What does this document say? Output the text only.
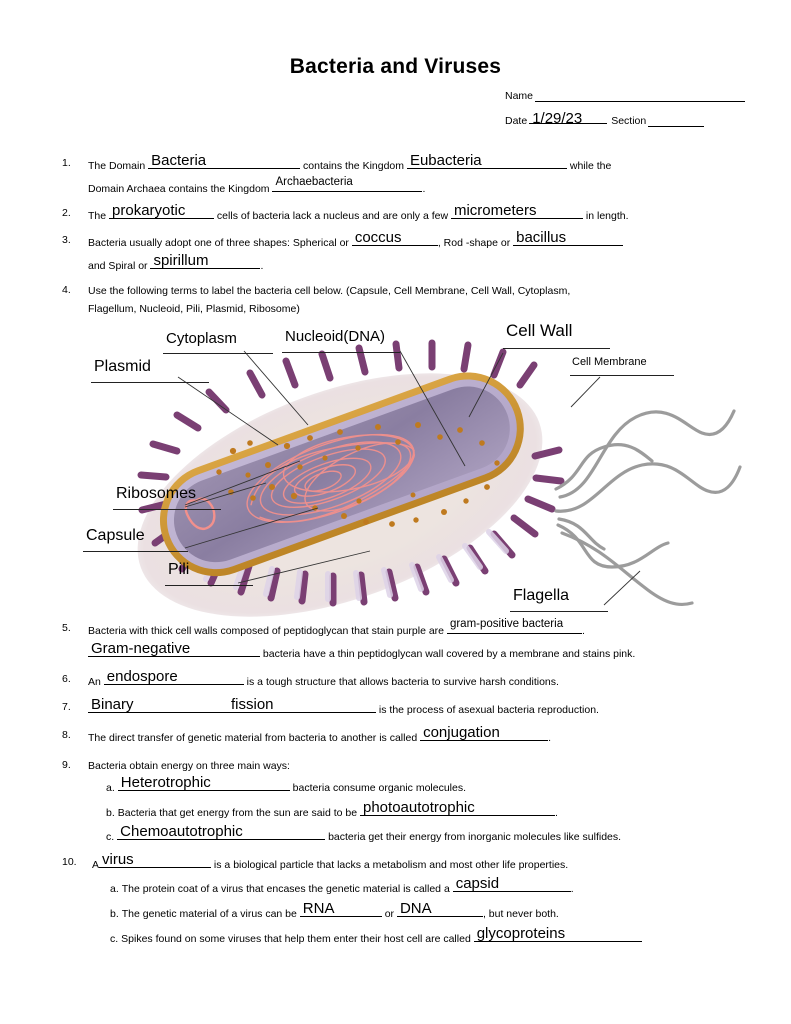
Bacteria and Viruses
Name
Date 1/29/23	Section
1.	The Domain Bacteria	contains the Kingdom Eubacteria	while the
Domain Archaea contains the Kingdom
Archaebacteria
.
2.	The prokaryotic	cells of bacteria lack a nucleus and are only a few micrometers	in length.
3.	Bacteria usually adopt one of three shapes: Spherical or coccus	, Rod -shape or bacillus
and Spiral or spirillum	.
4.	Use the following terms to label the bacteria cell below. (Capsule, Cell Membrane, Cell Wall, Cytoplasm,
Flagellum, Nucleoid, Pili, Plasmid, Ribosome)
Cytoplasm	Nucleoid(DNA)	Cell Wall
Cell Membrane
Plasmid
Ribosomes
Capsule
Pili
Flagella
5.	Bacteria with thick cell walls composed of peptidoglycan that stain purple are
gram-positive bacteria
.
Gram-negative	bacteria have a thin peptidoglycan wall covered by a membrane and stains pink.
6.	An endospore	is a tough structure that allows bacteria to survive harsh conditions.
7.	Binary	fission	is the process of asexual bacteria reproduction.
8.	The direct transfer of genetic material from bacteria to another is called conjugation	.
9.	Bacteria obtain energy on three main ways:
a. Heterotrophic	bacteria consume organic molecules.
b. Bacteria that get energy from the sun are said to be photoautotrophic	.
c. Chemoautotrophic	bacteria get their energy from inorganic molecules like sulfides.
10.	A virus	is a biological particle that lacks a metabolism and most other life properties.
a. The protein coat of a virus that encases the genetic material is called a capsid	.
b. The genetic material of a virus can be RNA	or DNA	, but never both.
c. Spikes found on some viruses that help them enter their host cell are called glycoproteins
